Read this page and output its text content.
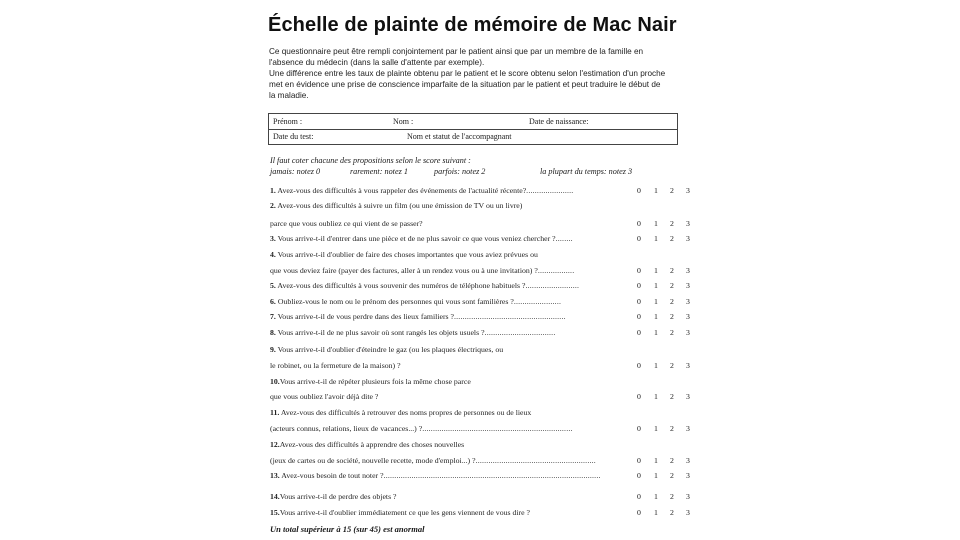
Échelle de plainte de mémoire de Mac Nair

Ce questionnaire peut être rempli conjointement par le patient ainsi que par un membre de la famille en

l'absence du médecin (dans la salle d'attente par exemple).

Une différence entre les taux de plainte obtenu par le patient et le score obtenu selon l'estimation d'un proche

met en évidence une prise de conscience imparfaite de la situation par le patient et peut traduire le début de

la maladie.

Prénom :	Nom :	Date de naissance:
Date du test:	Nom et statut de l'accompagnant
Il faut coter chacune des propositions selon le score suivant :
jamais: notez 0	rarement: notez 1	parfois: notez 2	la plupart du temps: notez 3
1. Avez-vous des difficultés à vous rappeler des événements de l'actualité récente?......................	0 1 2 3
2. Avez-vous des difficultés à suivre un film (ou une émission de TV ou un livre)
parce que vous oubliez ce qui vient de se passer?	0 1 2 3
3. Vous arrive-t-il d'entrer dans une pièce et de ne plus savoir ce que vous veniez chercher ?........	0 1 2 3
4. Vous arrive-t-il d'oublier de faire des choses importantes que vous aviez prévues ou
que vous deviez faire (payer des factures, aller à un rendez vous ou à une invitation) ?.................	0 1 2 3
5. Avez-vous des difficultés à vous souvenir des numéros de téléphone habituels ?.........................	0 1 2 3
6. Oubliez-vous le nom ou le prénom des personnes qui vous sont familières ?......................	0 1 2 3
7. Vous arrive-t-il de vous perdre dans des lieux familiers ?....................................................	0 1 2 3
8. Vous arrive-t-il de ne plus savoir où sont rangés les objets usuels ?.................................	0 1 2 3
9. Vous arrive-t-il d'oublier d'éteindre le gaz (ou les plaques électriques, ou
le robinet, ou la fermeture de la maison) ?	0 1 2 3
10.Vous arrive-t-il de répéter plusieurs fois la même chose parce
que vous oubliez l'avoir déjà dite ?	0 1 2 3
11. Avez-vous des difficultés à retrouver des noms propres de personnes ou de lieux
(acteurs connus, relations, lieux de vacances...) ?......................................................................	0 1 2 3
12.Avez-vous des difficultés à apprendre des choses nouvelles
(jeux de cartes ou de société, nouvelle recette, mode d'emploi...) ?........................................................	0 1 2 3
13. Avez-vous besoin de tout noter ?.....................................................................................................	0 1 2 3
14.Vous arrive-t-il de perdre des objets ?	0 1 2 3
15.Vous arrive-t-il d'oublier immédiatement ce que les gens viennent de vous dire ?	0 1 2 3
Un total supérieur à 15 (sur 45) est anormal
